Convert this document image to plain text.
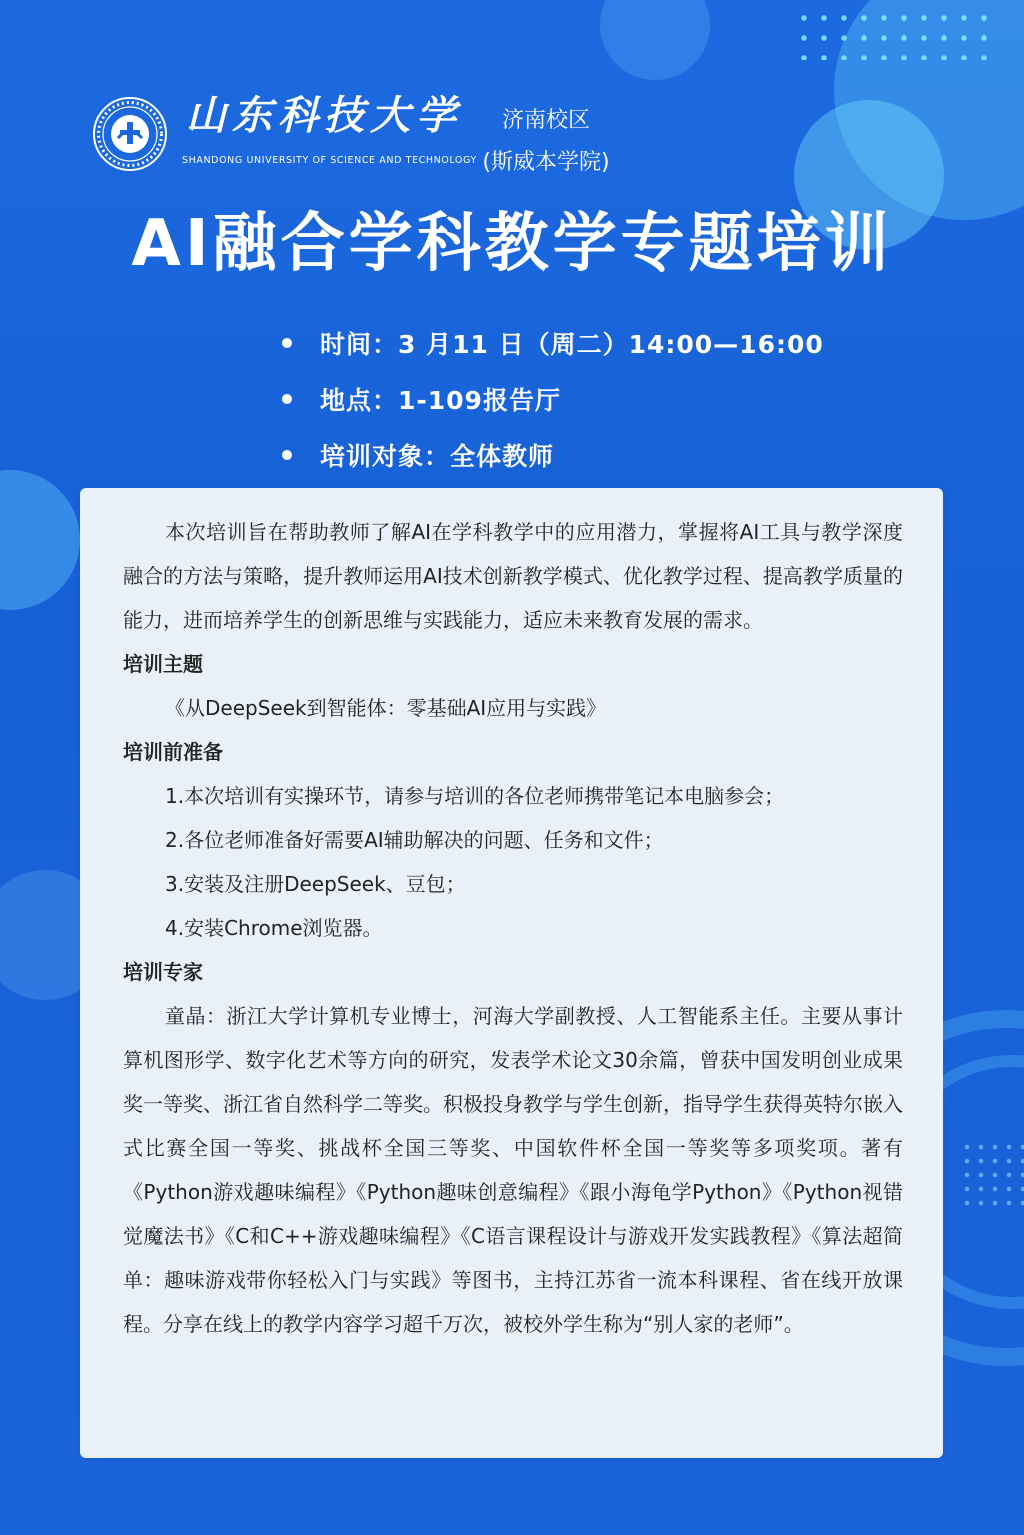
山东科技大学
SHANDONG UNIVERSITY OF SCIENCE AND TECHNOLOGY
济南校区
(斯威本学院)
AI融合学科教学专题培训
时间：3 月11 日（周二）14:00—16:00
地点：1-109报告厅
培训对象：全体教师

本次培训旨在帮助教师了解AI在学科教学中的应用潜力，掌握将AI工具与教学深度融合的方法与策略，提升教师运用AI技术创新教学模式、优化教学过程、提高教学质量的能力，进而培养学生的创新思维与实践能力，适应未来教育发展的需求。

培训主题

《从DeepSeek到智能体：零基础AI应用与实践》

培训前准备

1.本次培训有实操环节，请参与培训的各位老师携带笔记本电脑参会；

2.各位老师准备好需要AI辅助解决的问题、任务和文件；

3.安装及注册DeepSeek、豆包；

4.安装Chrome浏览器。

培训专家

童晶：浙江大学计算机专业博士，河海大学副教授、人工智能系主任。主要从事计算机图形学、数字化艺术等方向的研究，发表学术论文30余篇，曾获中国发明创业成果奖一等奖、浙江省自然科学二等奖。积极投身教学与学生创新，指导学生获得英特尔嵌入式比赛全国一等奖、挑战杯全国三等奖、中国软件杯全国一等奖等多项奖项。著有《Python游戏趣味编程》《Python趣味创意编程》《跟小海龟学Python》《Python视错觉魔法书》《C和C++游戏趣味编程》《C语言课程设计与游戏开发实践教程》《算法超简单：趣味游戏带你轻松入门与实践》等图书，主持江苏省一流本科课程、省在线开放课程。分享在线上的教学内容学习超千万次，被校外学生称为“别人家的老师”。
